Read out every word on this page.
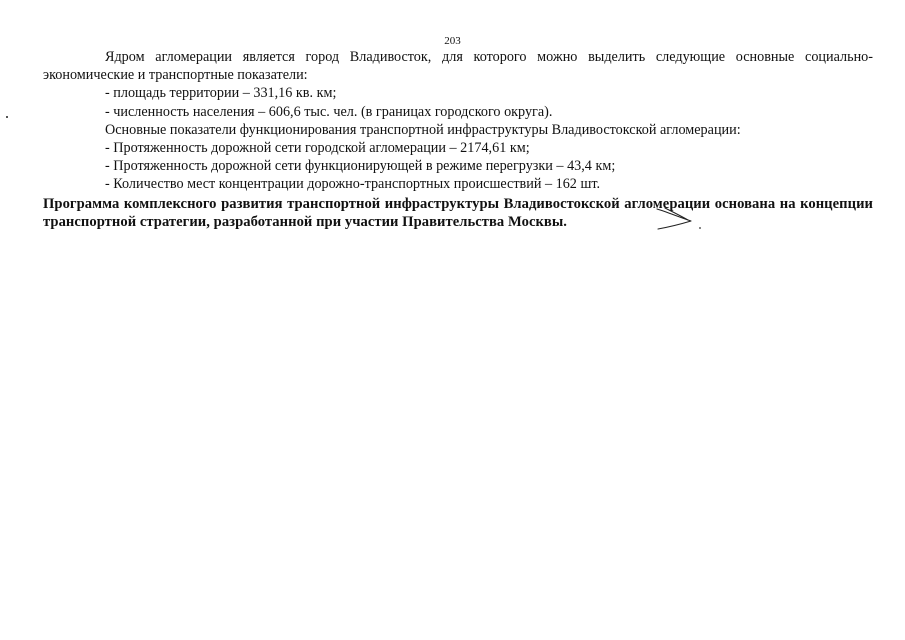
203

Ядром агломерации является город Владивосток, для которого можно выделить следующие основные социально-экономические и транспортные показатели:

- площадь территории – 331,16 кв. км;

- численность населения – 606,6 тыс. чел. (в границах городского округа).

Основные показатели функционирования транспортной инфраструктуры Владивостокской агломерации:

- Протяженность дорожной сети городской агломерации – 2174,61 км;

- Протяженность дорожной сети функционирующей в режиме перегрузки – 43,4 км;

- Количество мест концентрации дорожно-транспортных происшествий – 162 шт.

Программа комплексного развития транспортной инфраструктуры Владивостокской агломерации основана на концепции транспортной стратегии, разработанной при участии Правительства Москвы.
